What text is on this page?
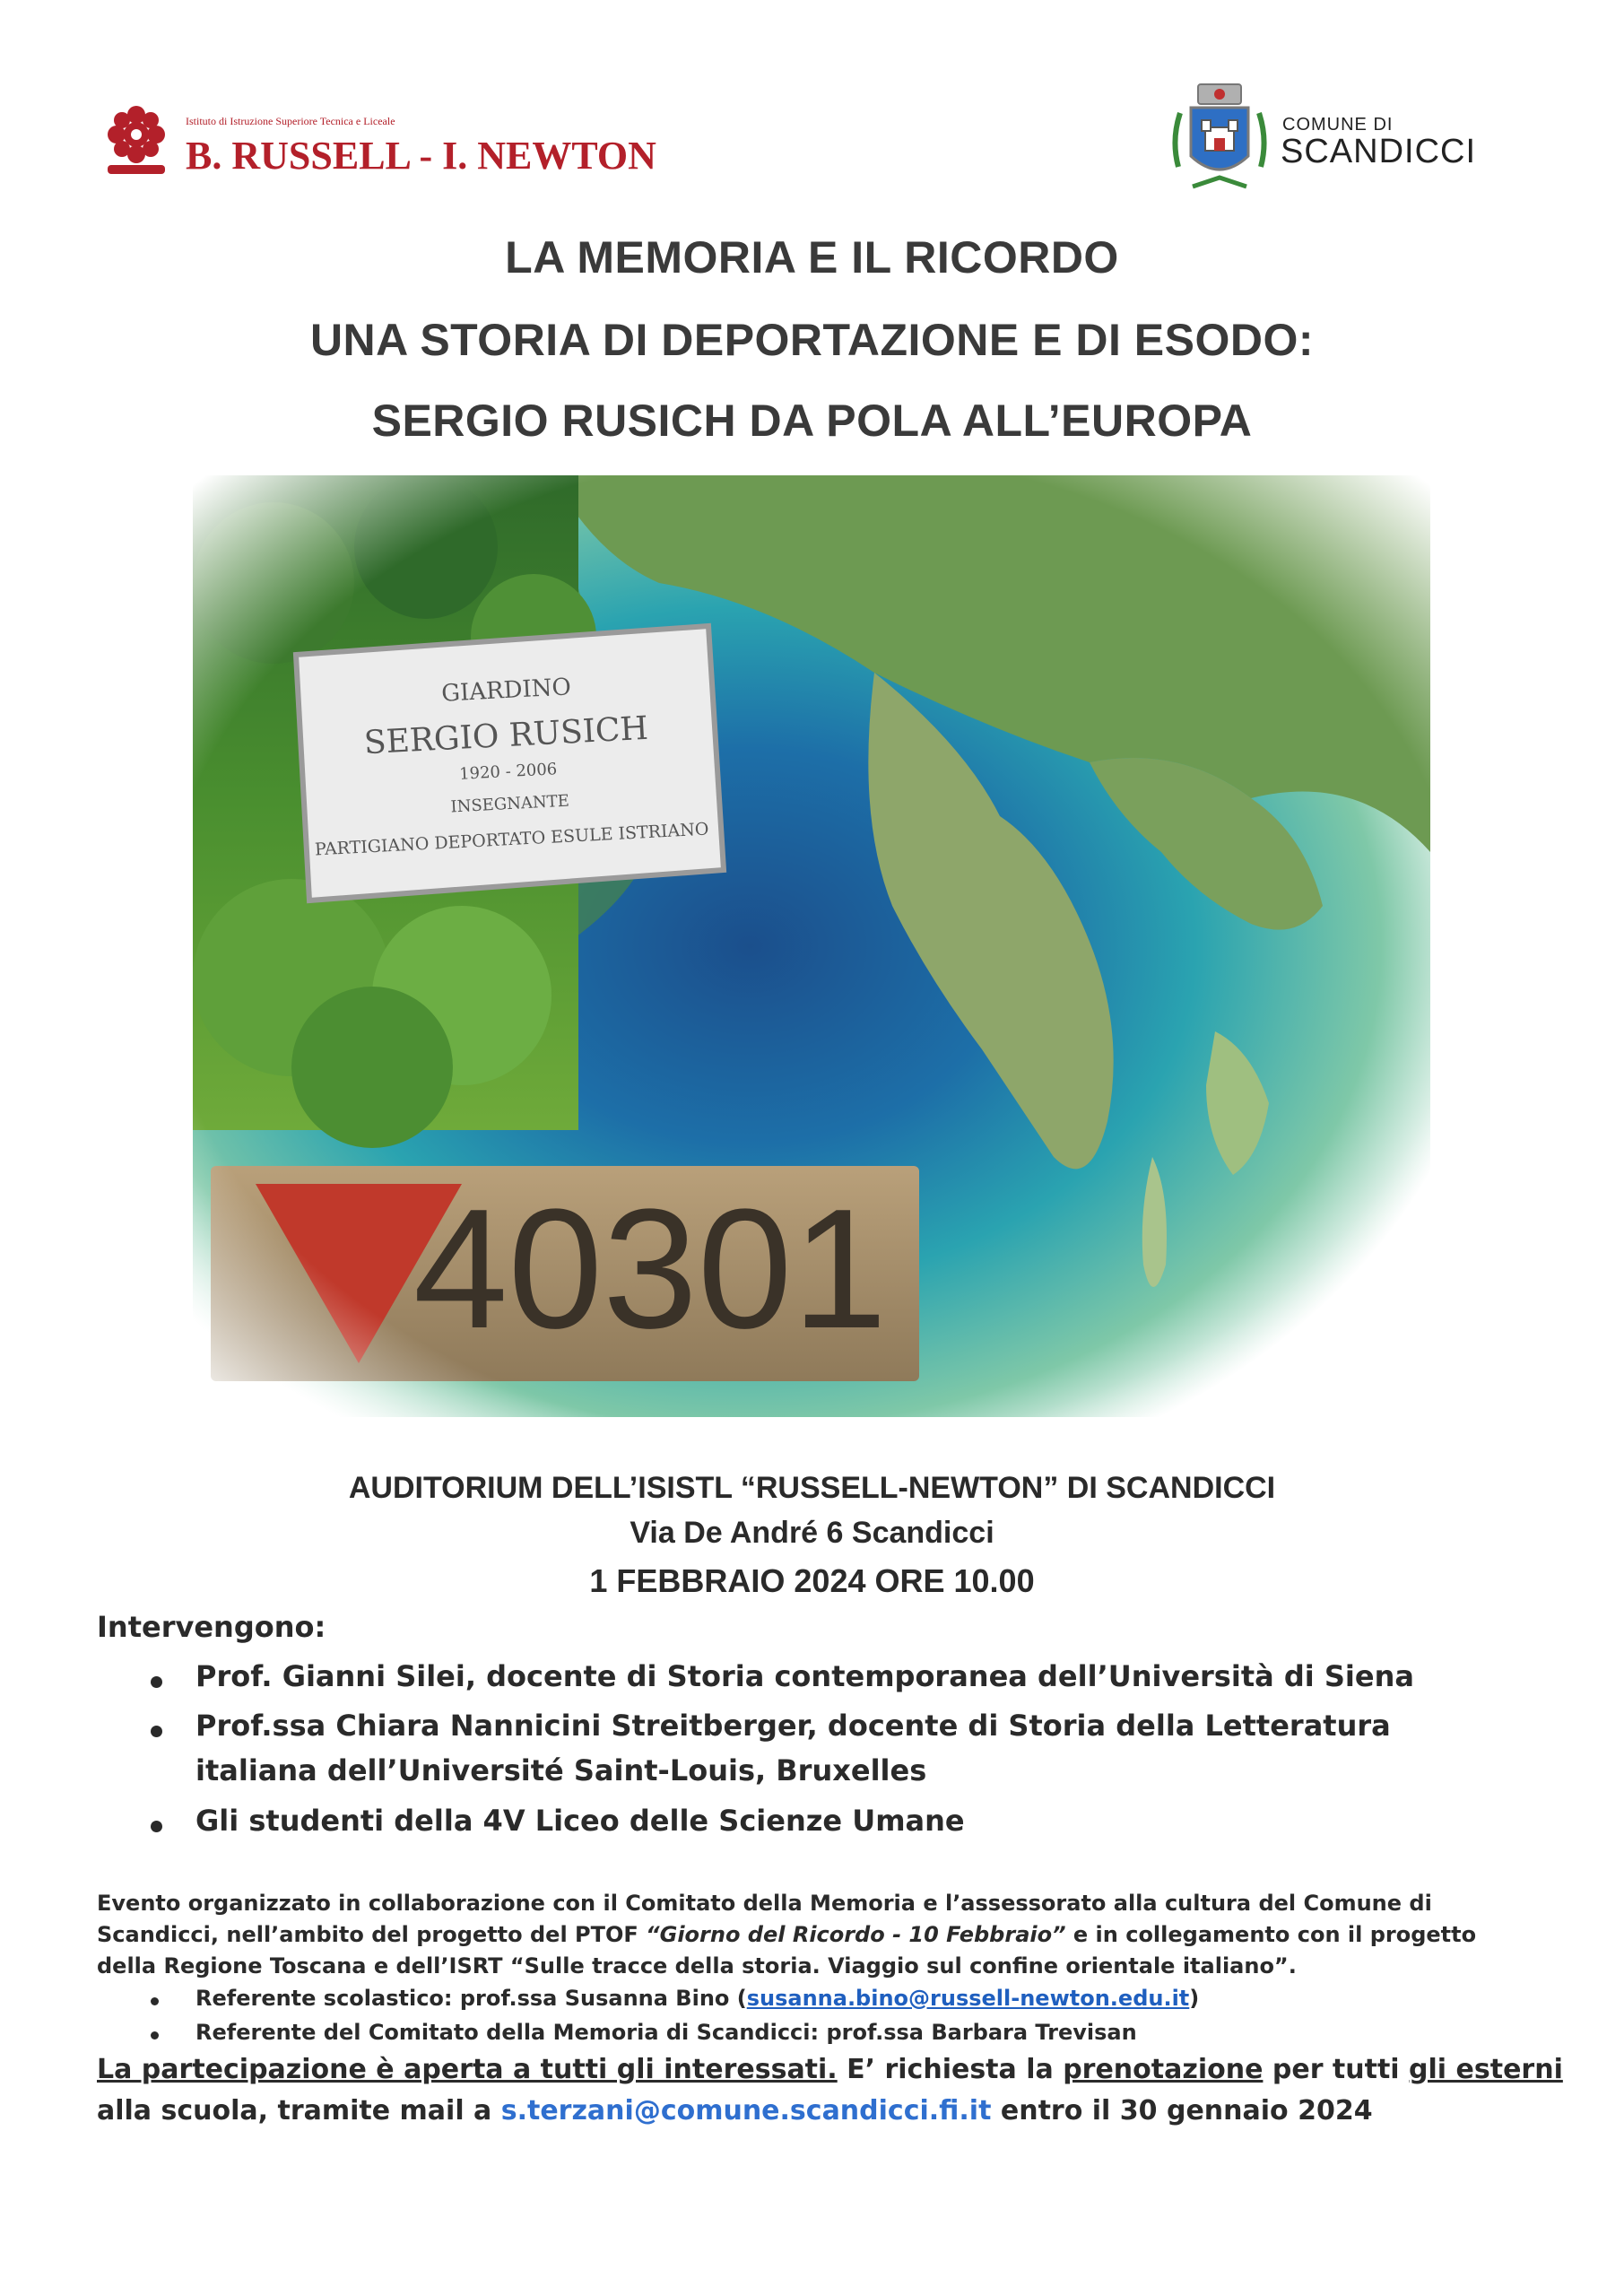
Istituto di Istruzione Superiore Tecnica e Liceale
B. RUSSELL - I. NEWTON
COMUNE DI
SCANDICCI
LA MEMORIA E IL RICORDO
UNA STORIA DI DEPORTAZIONE E DI ESODO:
SERGIO RUSICH DA POLA ALL’EUROPA
AUDITORIUM DELL’ISISTL “RUSSELL-NEWTON” DI SCANDICCI
Via De André 6 Scandicci
1 FEBBRAIO 2024 ORE 10.00
Intervengono:
Prof. Gianni Silei, docente di Storia contemporanea dell’Università di Siena
Prof.ssa Chiara Nannicini Streitberger, docente di Storia della Letteratura
italiana dell’Université Saint-Louis, Bruxelles
Gli studenti della 4V Liceo delle Scienze Umane
Evento organizzato in collaborazione con il Comitato della Memoria e l’assessorato alla cultura del Comune di
Scandicci, nell’ambito del progetto del PTOF “Giorno del Ricordo - 10 Febbraio” e in collegamento con il progetto
della Regione Toscana e dell’ISRT “Sulle tracce della storia. Viaggio sul confine orientale italiano”.
Referente scolastico: prof.ssa Susanna Bino (susanna.bino@russell-newton.edu.it)
Referente del Comitato della Memoria di Scandicci: prof.ssa Barbara Trevisan
La partecipazione è aperta a tutti gli interessati. E’ richiesta la prenotazione per tutti gli esterni
alla scuola, tramite mail a s.terzani@comune.scandicci.fi.it entro il 30 gennaio 2024
